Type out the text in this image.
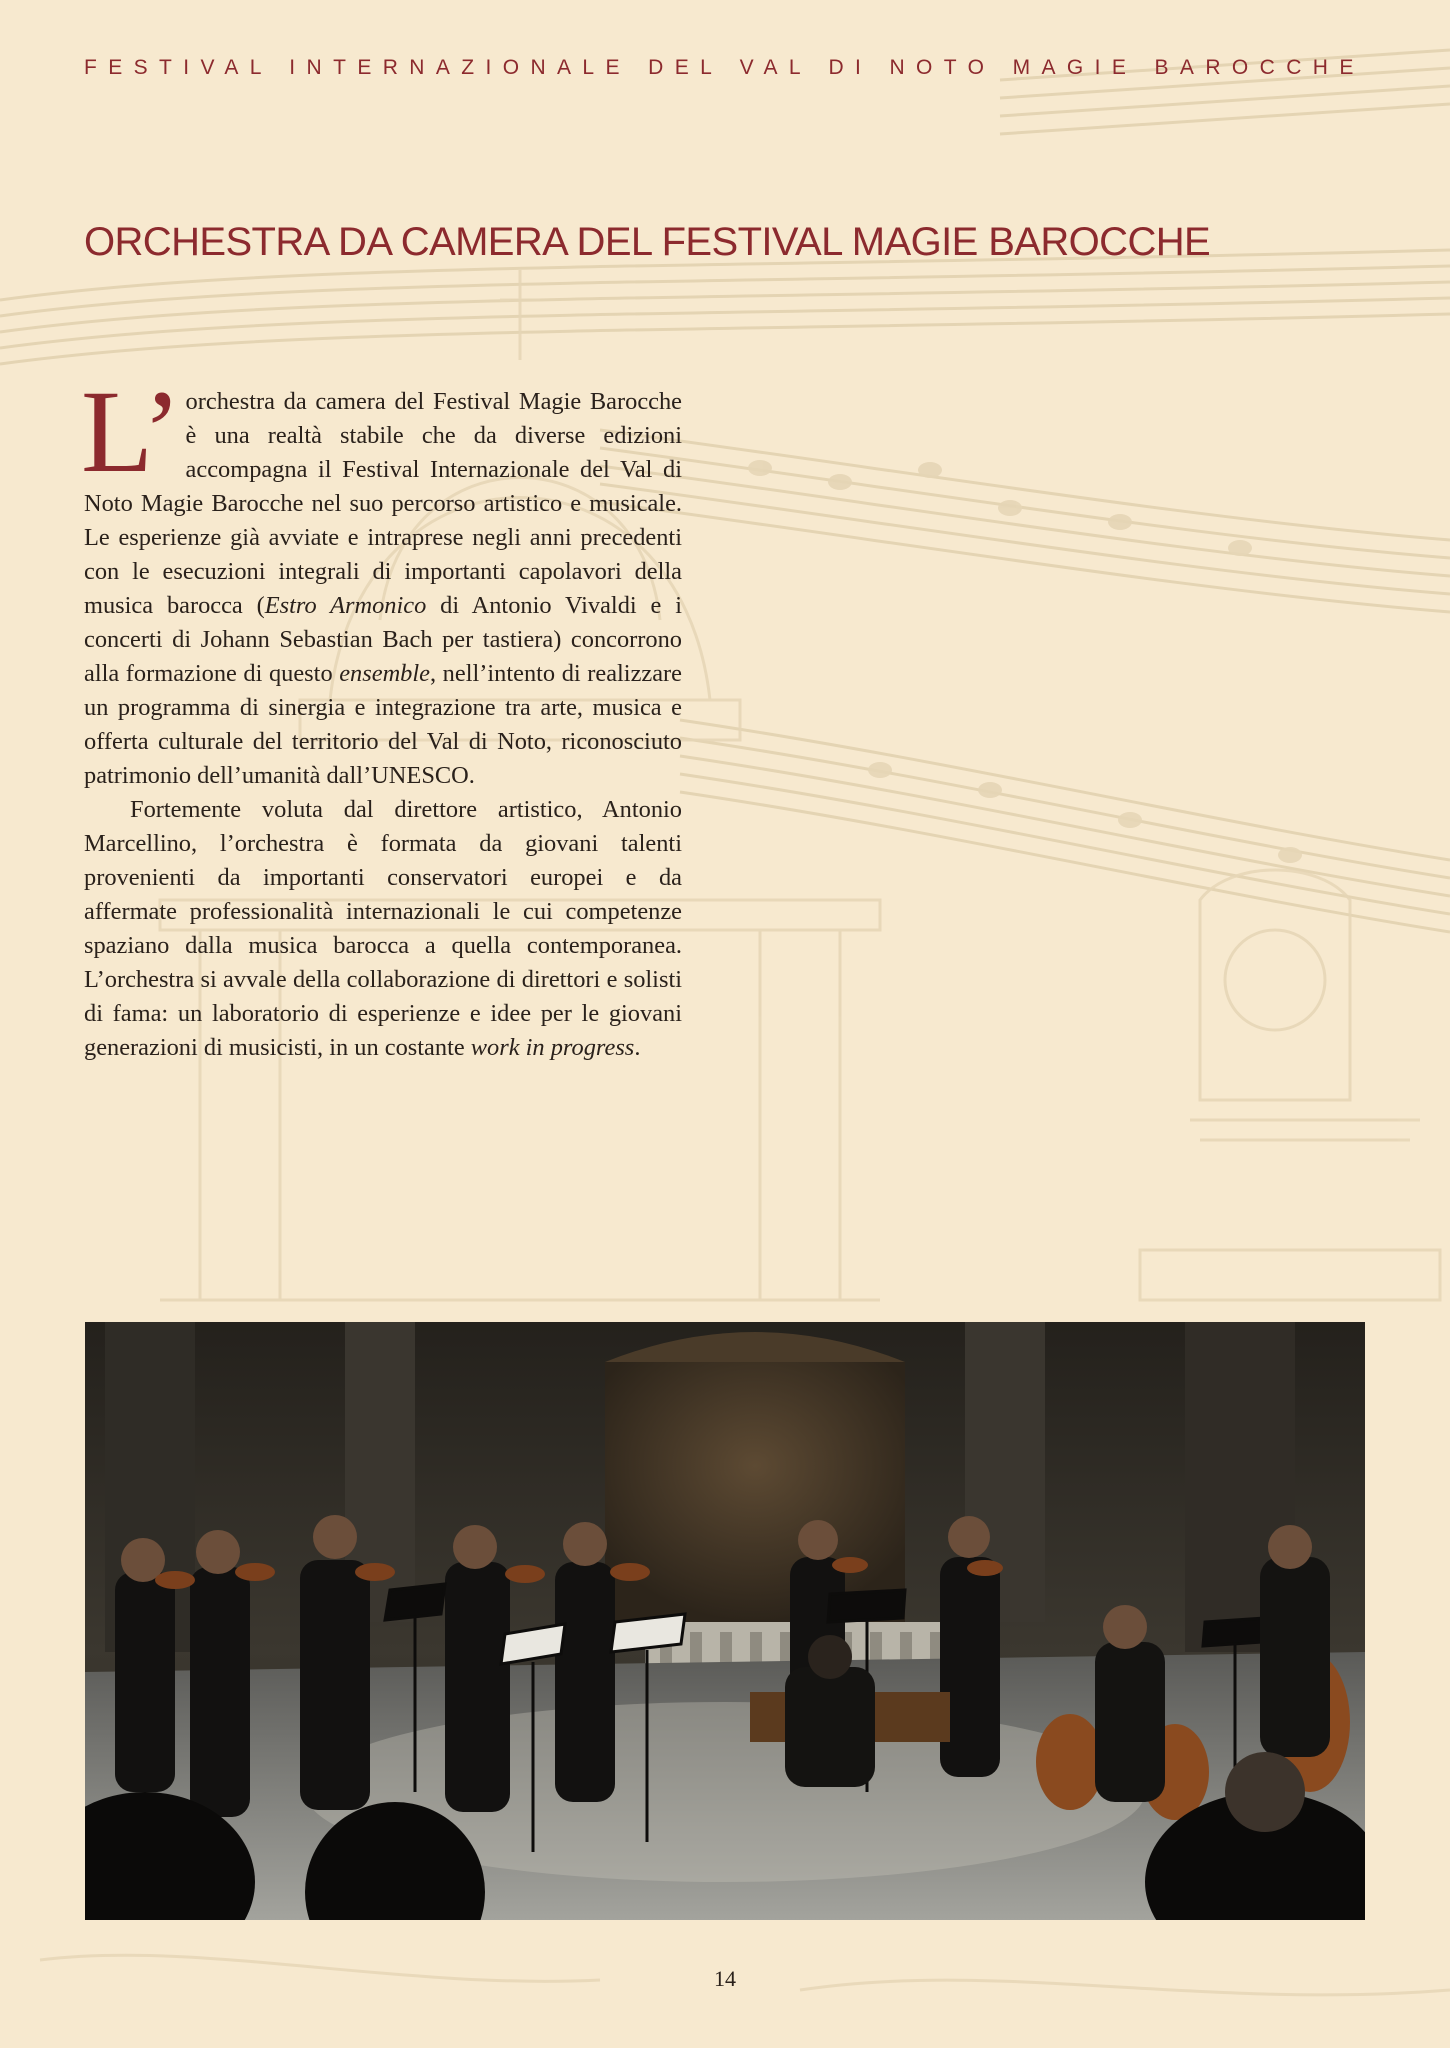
FESTIVAL INTERNAZIONALE DEL VAL DI NOTO MAGIE BAROCCHE
ORCHESTRA DA CAMERA DEL FESTIVAL MAGIE BAROCCHE

L’ orchestra da camera del Festival Magie Barocche è una realtà stabile che da diverse edizioni accompagna il Festival Internazionale del Val di Noto Magie Barocche nel suo percorso artistico e musicale. Le esperienze già avviate e intraprese negli anni precedenti con le esecuzioni integrali di importanti capolavori della musica barocca (Estro Armonico di Antonio Vivaldi e i concerti di Johann Sebastian Bach per tastiera) concorrono alla formazione di questo ensemble, nell’intento di realizzare un programma di sinergia e integrazione tra arte, musica e offerta culturale del territorio del Val di Noto, riconosciuto patrimonio dell’umanità dall’UNESCO.

Fortemente voluta dal direttore artistico, Antonio Marcellino, l’orchestra è formata da giovani talenti provenienti da importanti conservatori europei e da affermate professionalità internazionali le cui competenze spaziano dalla musica barocca a quella contemporanea. L’orchestra si avvale della collaborazione di direttori e solisti di fama: un laboratorio di esperienze e idee per le giovani generazioni di musicisti, in un costante work in progress.

14
